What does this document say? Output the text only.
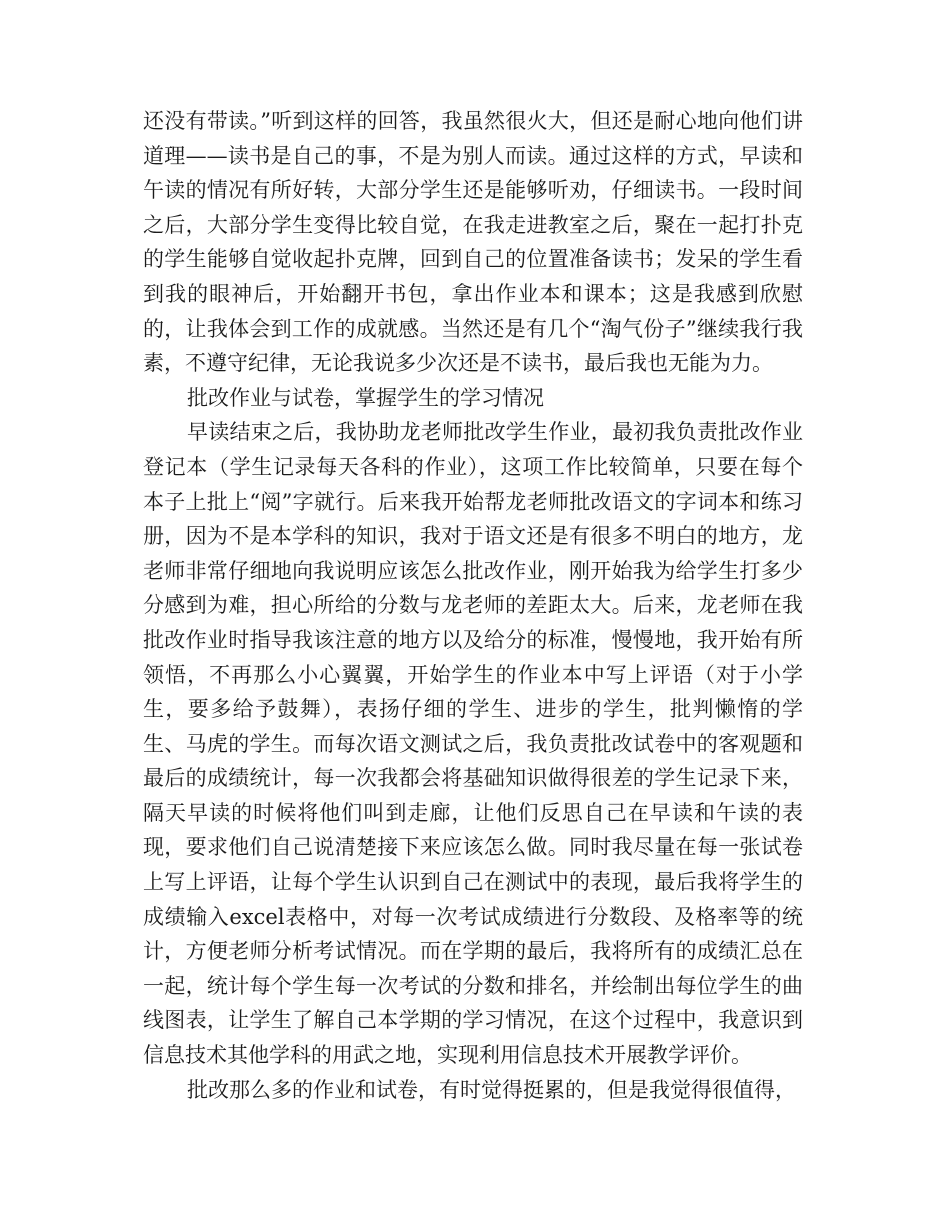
还没有带读。”听到这样的回答，我虽然很火大，但还是耐心地向他们讲道理——读书是自己的事，不是为别人而读。通过这样的方式，早读和午读的情况有所好转，大部分学生还是能够听劝，仔细读书。一段时间之后，大部分学生变得比较自觉，在我走进教室之后，聚在一起打扑克的学生能够自觉收起扑克牌，回到自己的位置准备读书；发呆的学生看到我的眼神后，开始翻开书包，拿出作业本和课本；这是我感到欣慰的，让我体会到工作的成就感。当然还是有几个“淘气份子”继续我行我素，不遵守纪律，无论我说多少次还是不读书，最后我也无能为力。

批改作业与试卷，掌握学生的学习情况

早读结束之后，我协助龙老师批改学生作业，最初我负责批改作业登记本（学生记录每天各科的作业），这项工作比较简单，只要在每个本子上批上“阅”字就行。后来我开始帮龙老师批改语文的字词本和练习册，因为不是本学科的知识，我对于语文还是有很多不明白的地方，龙老师非常仔细地向我说明应该怎么批改作业，刚开始我为给学生打多少分感到为难，担心所给的分数与龙老师的差距太大。后来，龙老师在我批改作业时指导我该注意的地方以及给分的标准，慢慢地，我开始有所领悟，不再那么小心翼翼，开始学生的作业本中写上评语（对于小学生，要多给予鼓舞），表扬仔细的学生、进步的学生，批判懒惰的学生、马虎的学生。而每次语文测试之后，我负责批改试卷中的客观题和最后的成绩统计，每一次我都会将基础知识做得很差的学生记录下来，隔天早读的时候将他们叫到走廊，让他们反思自己在早读和午读的表现，要求他们自己说清楚接下来应该怎么做。同时我尽量在每一张试卷上写上评语，让每个学生认识到自己在测试中的表现，最后我将学生的成绩输入excel表格中，对每一次考试成绩进行分数段、及格率等的统计，方便老师分析考试情况。而在学期的最后，我将所有的成绩汇总在一起，统计每个学生每一次考试的分数和排名，并绘制出每位学生的曲线图表，让学生了解自己本学期的学习情况，在这个过程中，我意识到信息技术其他学科的用武之地，实现利用信息技术开展教学评价。

批改那么多的作业和试卷，有时觉得挺累的，但是我觉得很值得，
